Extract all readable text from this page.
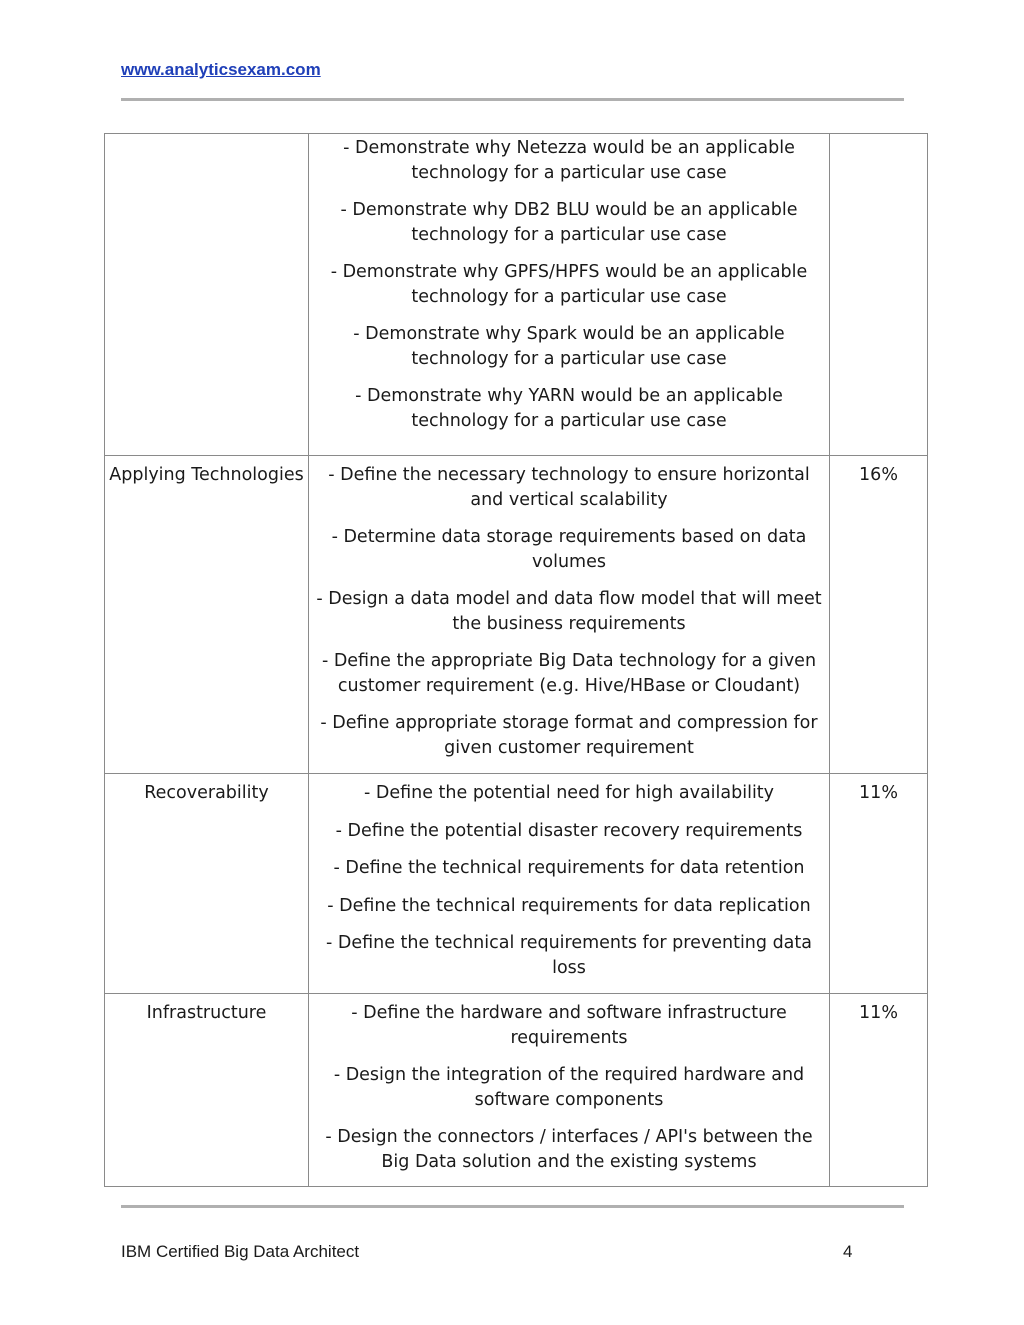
www.analyticsexam.com

	- Demonstrate why Netezza would be an applicable technology for a particular use case
- Demonstrate why DB2 BLU would be an applicable technology for a particular use case
- Demonstrate why GPFS/HPFS would be an applicable technology for a particular use case
- Demonstrate why Spark would be an applicable technology for a particular use case
- Demonstrate why YARN would be an applicable technology for a particular use case	

Applying Technologies	- Define the necessary technology to ensure horizontal and vertical scalability
- Determine data storage requirements based on data volumes
- Design a data model and data flow model that will meet the business requirements
- Define the appropriate Big Data technology for a given customer requirement (e.g. Hive/HBase or Cloudant)
- Define appropriate storage format and compression for given customer requirement	16%
Recoverability	- Define the potential need for high availability
- Define the potential disaster recovery requirements
- Define the technical requirements for data retention
- Define the technical requirements for data replication
- Define the technical requirements for preventing data loss	11%
Infrastructure	- Define the hardware and software infrastructure requirements
- Design the integration of the required hardware and software components
- Design the connectors / interfaces / API's between the Big Data solution and the existing systems	11%
IBM Certified Big Data Architect	4
